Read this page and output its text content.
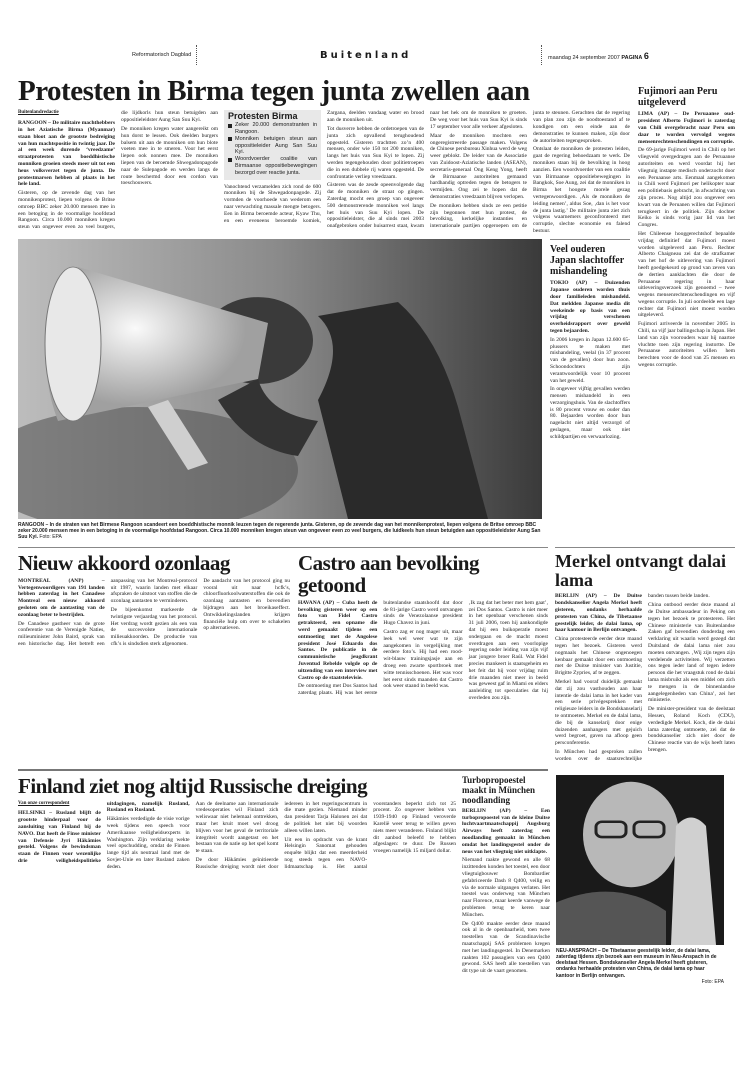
Reformatorisch Dagblad	Buitenland	maandag 24 september 2007 PAGINA 6
Protesten in Birma tegen junta zwellen aan
Buitenlandredactie

RANGOON – De militaire machthebbers in het Aziatische Birma (Myanmar) staan bloot aan de grootste bedreiging van hun machtspositie in twintig jaar. De al een week durende ‘vreedzame’ straatprotesten van boeddhistische monniken groeien steeds meer uit tot een heus volksverzet tegen de junta. De protestmarsen hebben al plaats in het hele land.

Gisteren, op de zevende dag van het monnikenprotest, liepen volgens de Britse omroep BBC zeker 20.000 mensen mee in een betoging in de voormalige hoofdstad Rangoon. Circa 10.000 monniken kregen steun van ongeveer even zo veel burgers, die lijdkorls hun steun betuigden aan oppositieleidster Aung San Suu Kyi.

De monniken kregen water aangereikt om hun dorst te lessen. Ook deelden burgers balsem uit aan de monniken om hun blote voeten mee in te smeren. Voor het eerst liepen ook nonnen mee. De monniken liepen van de beroemde Shwegadonpagode naar de Sulepagode en werden langs de route beschermd door een cordon van toeschouwers.

Protesten Birma
Zeker 20.000 demonstranten in Rangoon.
Monniken betuigen steun aan oppositieleider Aung San Suu Kyi.
Woordvoerder coalitie van Birmaanse oppositiebewegingen bezorgd over reactie junta.

Vanochtend verzamelden zich rond de 600 monniken bij de Shwegadonpagode. Zij vormden de voorhoede van wederom een naar verwachting massale mengte betogers. Een in Birma beroemde acteur, Kyaw Thu, en een eveneens beroemde komiek, Zargana, deelden vandaag water en brood aan de monniken uit.

Tot dusverre hebben de ordetroepen van de junta zich opvallend terughoudend opgesteld. Gisteren trachtten zo’n 400 mensen, onder wie 150 tot 200 monniken, langs het huis van Suu Kyi te lopen. Zij werden tegengehouden door politietroepen die in een dubbele rij waren opgesteld. De confrontatie verliep vreedzaam.

Gisteren was de zesde opeenvolgende dag dat de monniken de straat op gingen. Zaterdag mocht een groep van ongeveer 500 demonstrerende monniken wel langs het huis van Suu Kyi lopen. De oppositieleidster, die al sinds mei 2003 onafgebroken onder huisarrest staat, kwam naar het hek om de monniken te groeten. De weg voor het huis van Suu Kyi is sinds 17 september voor alle verkeer afgesloten.

Maar de monniken mochten een ongeregistreerde passage maken. Volgens de Chinese persbureau Xinhua werd de weg weer geblokt. De leider van de Associatie van Zuidoost-Aziatische landen (ASEAN), secretaris-generaal Ong Keng Yong, heeft de Birmaanse autoriteiten gemaand hardhandig optreden tegen de betogers te vermijden. Ong zei te hopen dat de demonstraties vreedzaam blijven verlopen.

De monniken hebben sinds ze een petitie zijn begonnen met hun protest, de bevolking, kerkelijke instanties en internationale partijen opgeroepen om de junta te steunen. Gerachten dat de regering van plan zou zijn de noodtoestand af te kondigen om een einde aan de demonstraties te kunnen maken, zijn door de autoriteiten tegengesproken.

Ontslaat de monniken de protesten leiden, gaat de regering behoedzaam te werk. De monniken staan bij de bevolking in hoog aanzien. Een woordvoerder van een coalitie van Birmaanse oppositiebewegingen in Bangkok, Soe Aung, zei dat de monniken in Birma het hoogste morele gezag vertegenwoordigen. ‚Als de monniken de leiding nemen’, aldus Soe, ‚dan is het voor de junta lastig.’ De militaire junta ziet zich volgens waarnemers geconfronteerd met corruptie, slechte economie en falend bestuur.

RANGOON – In de straten van het Birmese Rangoon scandeert een boeddhistische monnik leuzen tegen de regerende junta. Gisteren, op de zevende dag van het monnikenprotest, liepen volgens de Britse omroep BBC zeker 20.000 mensen mee in een betoging in de voormalige hoofdstad Rangoon. Circa 10.000 monniken kregen steun van ongeveer even zo veel burgers, die luidkeels hun steun betuigden aan oppositieleidster Aung San Suu Kyi. Foto: EPA
Veel ouderen Japan slachtoffer mishandeling

TOKIO (AP) – Duizenden Japanse ouderen worden thuis door familieleden mishandeld. Dat meldden Japanse media dit weekeinde op basis van een vrijdag verschenen overheidsrapport over geweld tegen bejaarden.

In 2006 kregen in Japan 12.600 65-plussers te maken met mishandeling, veelal (in 37 procent van de gevallen) door hun zoon. Schoondochters zijn verantwoordelijk voor 10 procent van het geweld.

In ongeveer vijftig gevallen werden mensen mishandeld in een verzorgingshuis. Van de slachtoffers is 80 procent vrouw en ouder dan 80. Bejaarden worden door hun nagelacht niet altijd verzorgd of geslagen, maar ook niet schildpartijen en verwaarlozing.

Fujimori aan Peru uitgeleverd

LIMA (AP) – De Peruaanse oud-president Alberto Fujimori is zaterdag van Chili overgebracht naar Peru om daar te worden vervolgd wegens mensenrechtenschendingen en corruptie.

De 69-jarige Fujimori werd in Chili op het vliegveld overgedragen aan de Peruaanse autoriteiten en werd voordat hij het vliegtuig instapte medisch onderzocht door een Peruaanse arts. Eenmaal aangekomen in Chili werd Fujimori per helikopter naar een politiebasis gebracht, in afwachting van zijn proces. Nog altijd zou ongeveer een kwart van de Peruanen willen dat Fujimori terugkeert in de politiek. Zijn dochter Keiko is sinds vorig jaar lid van het Congres.

Het Chileense hooggerechtshof bepaalde vrijdag definitief dat Fujimori moest worden uitgeleverd aan Peru. Rechter Alberto Chaigneau zei dat de strafkamer van het hof de uitlevering van Fujimori heeft goedgekeurd op grond van zeven van de dertien aanklachten die door de Peruaanse regering in haar uitleveringsverzoek zijn genoemd – twee wegens mensenrechtenschendingen en vijf wegens corruptie. In juli oordeelde een lage rechter dat Fujimori niet moest worden uitgeleverd.

Fujimori arriveerde in november 2005 in Chili, na vijf jaar ballingschap in Japan. Het land van zijn voorouders waar hij naartoe vluchtte toen zijn regering instortte. De Peruaanse autoriteiten willen hem berechten voor de dood van 25 mensen en wegens corruptie.

Nieuw akkoord ozonlaag

MONTREAL (ANP) – Vertegenwoordigers van 191 landen hebben zaterdag in het Canadese Montreal een nieuw akkoord gesloten om de aantasting van de ozonlaag beter te bestrijden.

De Canadese gastheer van de grote conferentie van de Verenigde Naties, milieuminister John Baird, sprak van een historische dag. Het betreft een aanpassing van het Montreal-protocol uit 1987, waarin landen met elkaar afspraken de uitstoot van stoffen die de ozonlaag aantasten te verminderen.

De bijeenkomst markeerde de twintigste verjaardag van het protocol. Het verdrag wordt gezien als een van de succesvolste internationale milieuakkoorden. De productie van cfk’s is sindsdien sterk afgenomen.

De aandacht van het protocol ging nu vooral uit naar hcfk’s, chloorfluorkoolwaterstoffen die ook de ozonlaag aantasten en bovendien bijdragen aan het broeikaseffect. Ontwikkelingslanden krijgen financiële hulp om over te schakelen op alternatieven.

Castro aan bevolking getoond

HAVANA (AP) – Cuba heeft de bevolking gisteren weer op een foto van Fidel Castro getrakteerd, een opname die werd gemaakt tijdens een ontmoeting met de Angolese president José Eduardo dos Santos. De publicatie in de communistische jeugdkrant Juventud Rebelde volgde op de uitzending van een interview met Castro op de staatstelevisie.

De ontmoeting met Dos Santos had zaterdag plaats. Hij was het eerste buitenlandse staatshoofd dat door de 81-jarige Castro werd ontvangen sinds de Venezolaanse president Hugo Chavez in juni.

Castro zag er nog mager uit, maar leek wel weer wat te zijn aangekomen in vergelijking met eerdere foto’s. Hij had een rood-wit-blauw trainingsjasje aan en droeg een zwarte sportbroek met witte tennisschoenen. Het was voor het eerst sinds maanden dat Castro ook weer staand in beeld was.

‚Ik zag dat het beter met hem gaat’, zei Dos Santos. Castro is niet meer in het openbaar verschenen sinds 31 juli 2006, toen hij aankondigde dat hij een buikoperatie moest ondergaan en de macht moest overdragen aan een voorlopige regering onder leiding van zijn vijf jaar jongere broer Raúl. Wat Fidel precies mankeert is staatsgeheim en het feit dat hij voor vrijdag ruim drie maanden niet meer in beeld was geweest gaf in Miami en elders aanleiding tot speculaties dat hij overleden zou zijn.

Merkel ontvangt dalai lama

BERLIJN (AP) – De Duitse bondskanselier Angela Merkel heeft gisteren, ondanks herhaalde protesten van China, de Tibetaanse geestelijk leider, de dalai lama, op haar kantoor in Berlijn ontvangen.

China protesteerde eerder deze maand tegen het bezoek. Gisteren werd nogmaals het Chinese ongenoegen kenbaar gemaakt door een ontmoeting met de Duitse minister van Justitie, Brigitte Zypries, af te zeggen.

Merkel had vooraf duidelijk gemaakt dat zij zou vasthouden aan haar intentie de dalai lama in het kader van een serie privégesprekken met religieuze leiders in de Bondskanselarij te ontmoeten. Merkel en de dalai lama, die bij de kanselarij door enige duizenden aanhangers met gejuich werd begroet, gaven na afloop geen persconferentie.

In München had gesproken zullen worden over de staatsrechtelijke banden tussen beide landen.

China ontbood eerder deze maand al de Duitse ambassadeur in Peking om tegen het bezoek te protesteren. Het Chinese ministerie van Buitenlandse Zaken gaf bovendien donderdag een verklaring uit waarin werd gezegd dat Duitsland de dalai lama niet zou moeten ontvangen. ‚Wij zijn tegen zijn verdelende activiteiten. Wij verzetten ons tegen ieder land of tegen iedere persoon die het vraagstuk rond de dalai lama misbruikt als een middel om zich te mengen in de binnenlandse aangelegenheden van China’, zei het ministerie.

De minister-president van de deelstaat Hessen, Roland Koch (CDU), verdedigde Merkel. Koch, die de dalai lama zaterdag ontmoette, zei dat de bondskanselier zich niet door de Chinese reactie van de wijs heeft laten brengen.

Finland ziet nog altijd Russische dreiging
Van onze correspondent

HELSINKI – Rusland blijft de grootste hinderpaal voor de aansluiting van Finland bij de NAVO. Dat heeft de Finse minister van Defensie Jyri Häkämies gesteld. Volgens de bewindsman staan de Finnen voor wezenlijke drie veiligheidspolitieke uitdagingen, namelijk Rusland, Rusland en Rusland.

Häkämies verdedigde de visie vorige week tijdens een speech voor Amerikaanse veiligheidsexperts in Washington. Zijn verklaring wekte veel opschudding, omdat de Finnen lange tijd als neutraal land met de Sovjet-Unie en later Rusland zaken deden.

Aan de deelname aan internationale vredesoperaties wil Finland zich weliswaar niet helemaal onttrekken, maar het kruit moet wel droog blijven voor het geval de territoriale integriteit wordt aangetast en het bestaan van de natie op het spel komt te staan.

De door Häkämies geïnitieerde Russische dreiging wordt niet door iedereen in het regeringscentrum in die mate gezien. Niemand minder dan president Tarja Halonen zei dat de politiek het niet bij woorden alleen willen laten.

Uit een in opdracht van de krant Helsingin Sanomat gehouden enquête blijkt dat een meerderheid nog steeds tegen een NAVO-lidmaatschap is. Het aantal voorstanders beperkt zich tot 25 procent. Zo ongeveer hebben van 1939-1940 op Finland veroverde Karelië weer terug te willen geven niets meer veranderen. Finland blijkt dit aanbod beleefd te hebben afgeslagen: te duur. De Russen vroegen namelijk 15 miljard dollar.

Turbopropoestel maakt in München noodlanding

BERLIJN (AP) – Een turbopropoestel van de kleine Duitse luchtvaartmaatschappij Augsburg Airways heeft zaterdag een noodlanding gemaakt in München omdat het landingsgestel onder de neus van het vliegtuig niet uitklapte.

Niemand raakte gewond en alle 68 inzittenden konden het toestel, een door vliegtuigbouwer Bombardier gefabriceerde Dash 8 Q400, veilig en via de normale uitgangen verlaten. Het toestel was onderweg van München naar Florence, maar keerde vanwege de problemen terug te keren naar München.

De Q400 maakte eerder deze maand ook al in de openbaarheid, toen twee toestellen van de Scandinavische maatschappij SAS problemen kregen met het landingsgestel. In Denemarken raakten 102 passagiers van een Q400 gewond. SAS heeft alle toestellen van dit type uit de vaart genomen.

NEU-ANSPRACH – De Tibetaanse geestelijk leider, de dalai lama, zaterdag tijdens zijn bezoek aan een museum in Neu-Anspach in de deelstaat Hessen. Bondskanselier Angela Merkel heeft gisteren, ondanks herhaalde protesten van China, de dalai lama op haar kantoor in Berlijn ontvangen.
Foto: EPA
